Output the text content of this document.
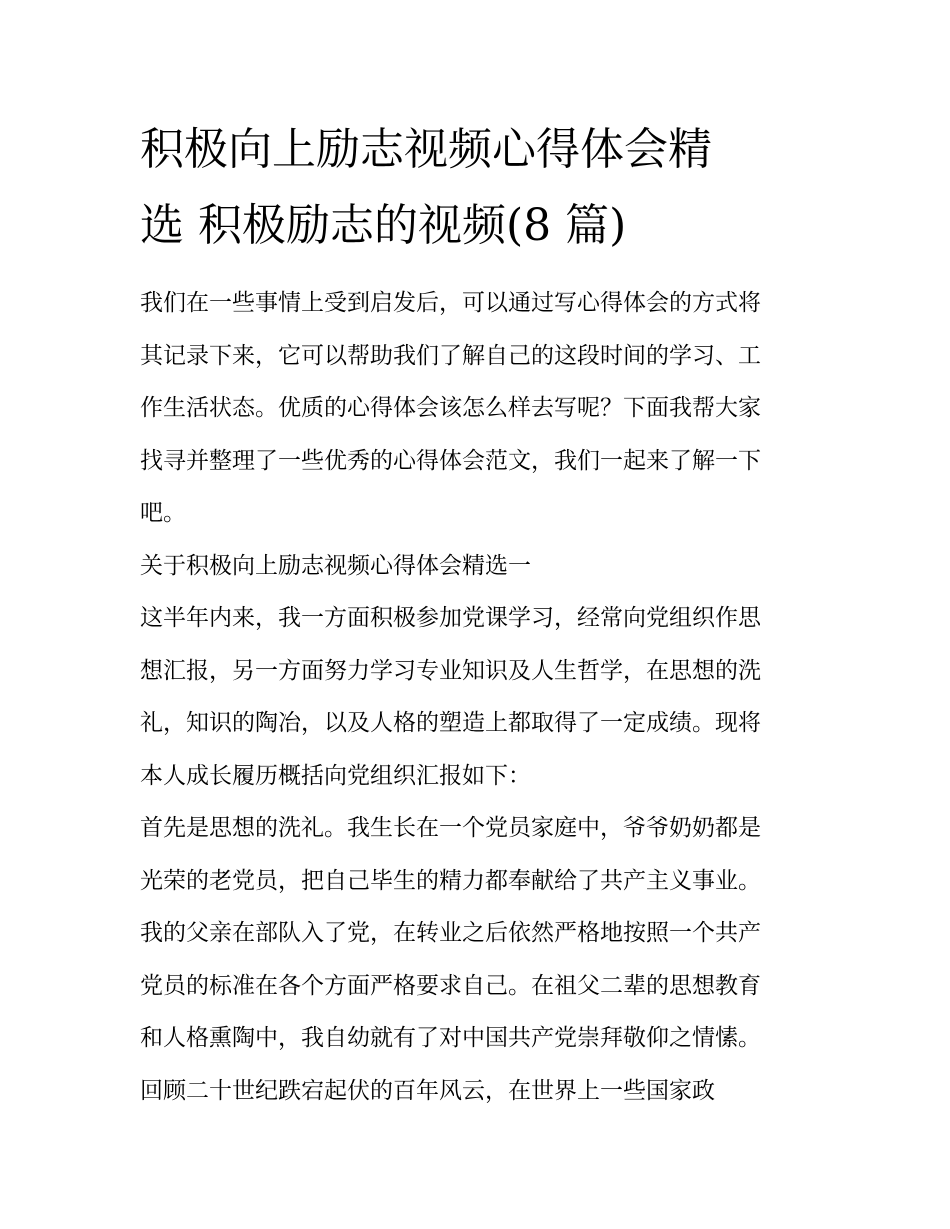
积极向上励志视频心得体会精
选 积极励志的视频(8 篇)
我们在一些事情上受到启发后，可以通过写心得体会的方式将
其记录下来，它可以帮助我们了解自己的这段时间的学习、工
作生活状态。优质的心得体会该怎么样去写呢？下面我帮大家
找寻并整理了一些优秀的心得体会范文，我们一起来了解一下
吧。
关于积极向上励志视频心得体会精选一
这半年内来，我一方面积极参加党课学习，经常向党组织作思
想汇报，另一方面努力学习专业知识及人生哲学，在思想的洗
礼，知识的陶冶，以及人格的塑造上都取得了一定成绩。现将
本人成长履历概括向党组织汇报如下：
首先是思想的洗礼。我生长在一个党员家庭中，爷爷奶奶都是
光荣的老党员，把自己毕生的精力都奉献给了共产主义事业。
我的父亲在部队入了党，在转业之后依然严格地按照一个共产
党员的标准在各个方面严格要求自己。在祖父二辈的思想教育
和人格熏陶中，我自幼就有了对中国共产党崇拜敬仰之情愫。
回顾二十世纪跌宕起伏的百年风云，在世界上一些国家政
